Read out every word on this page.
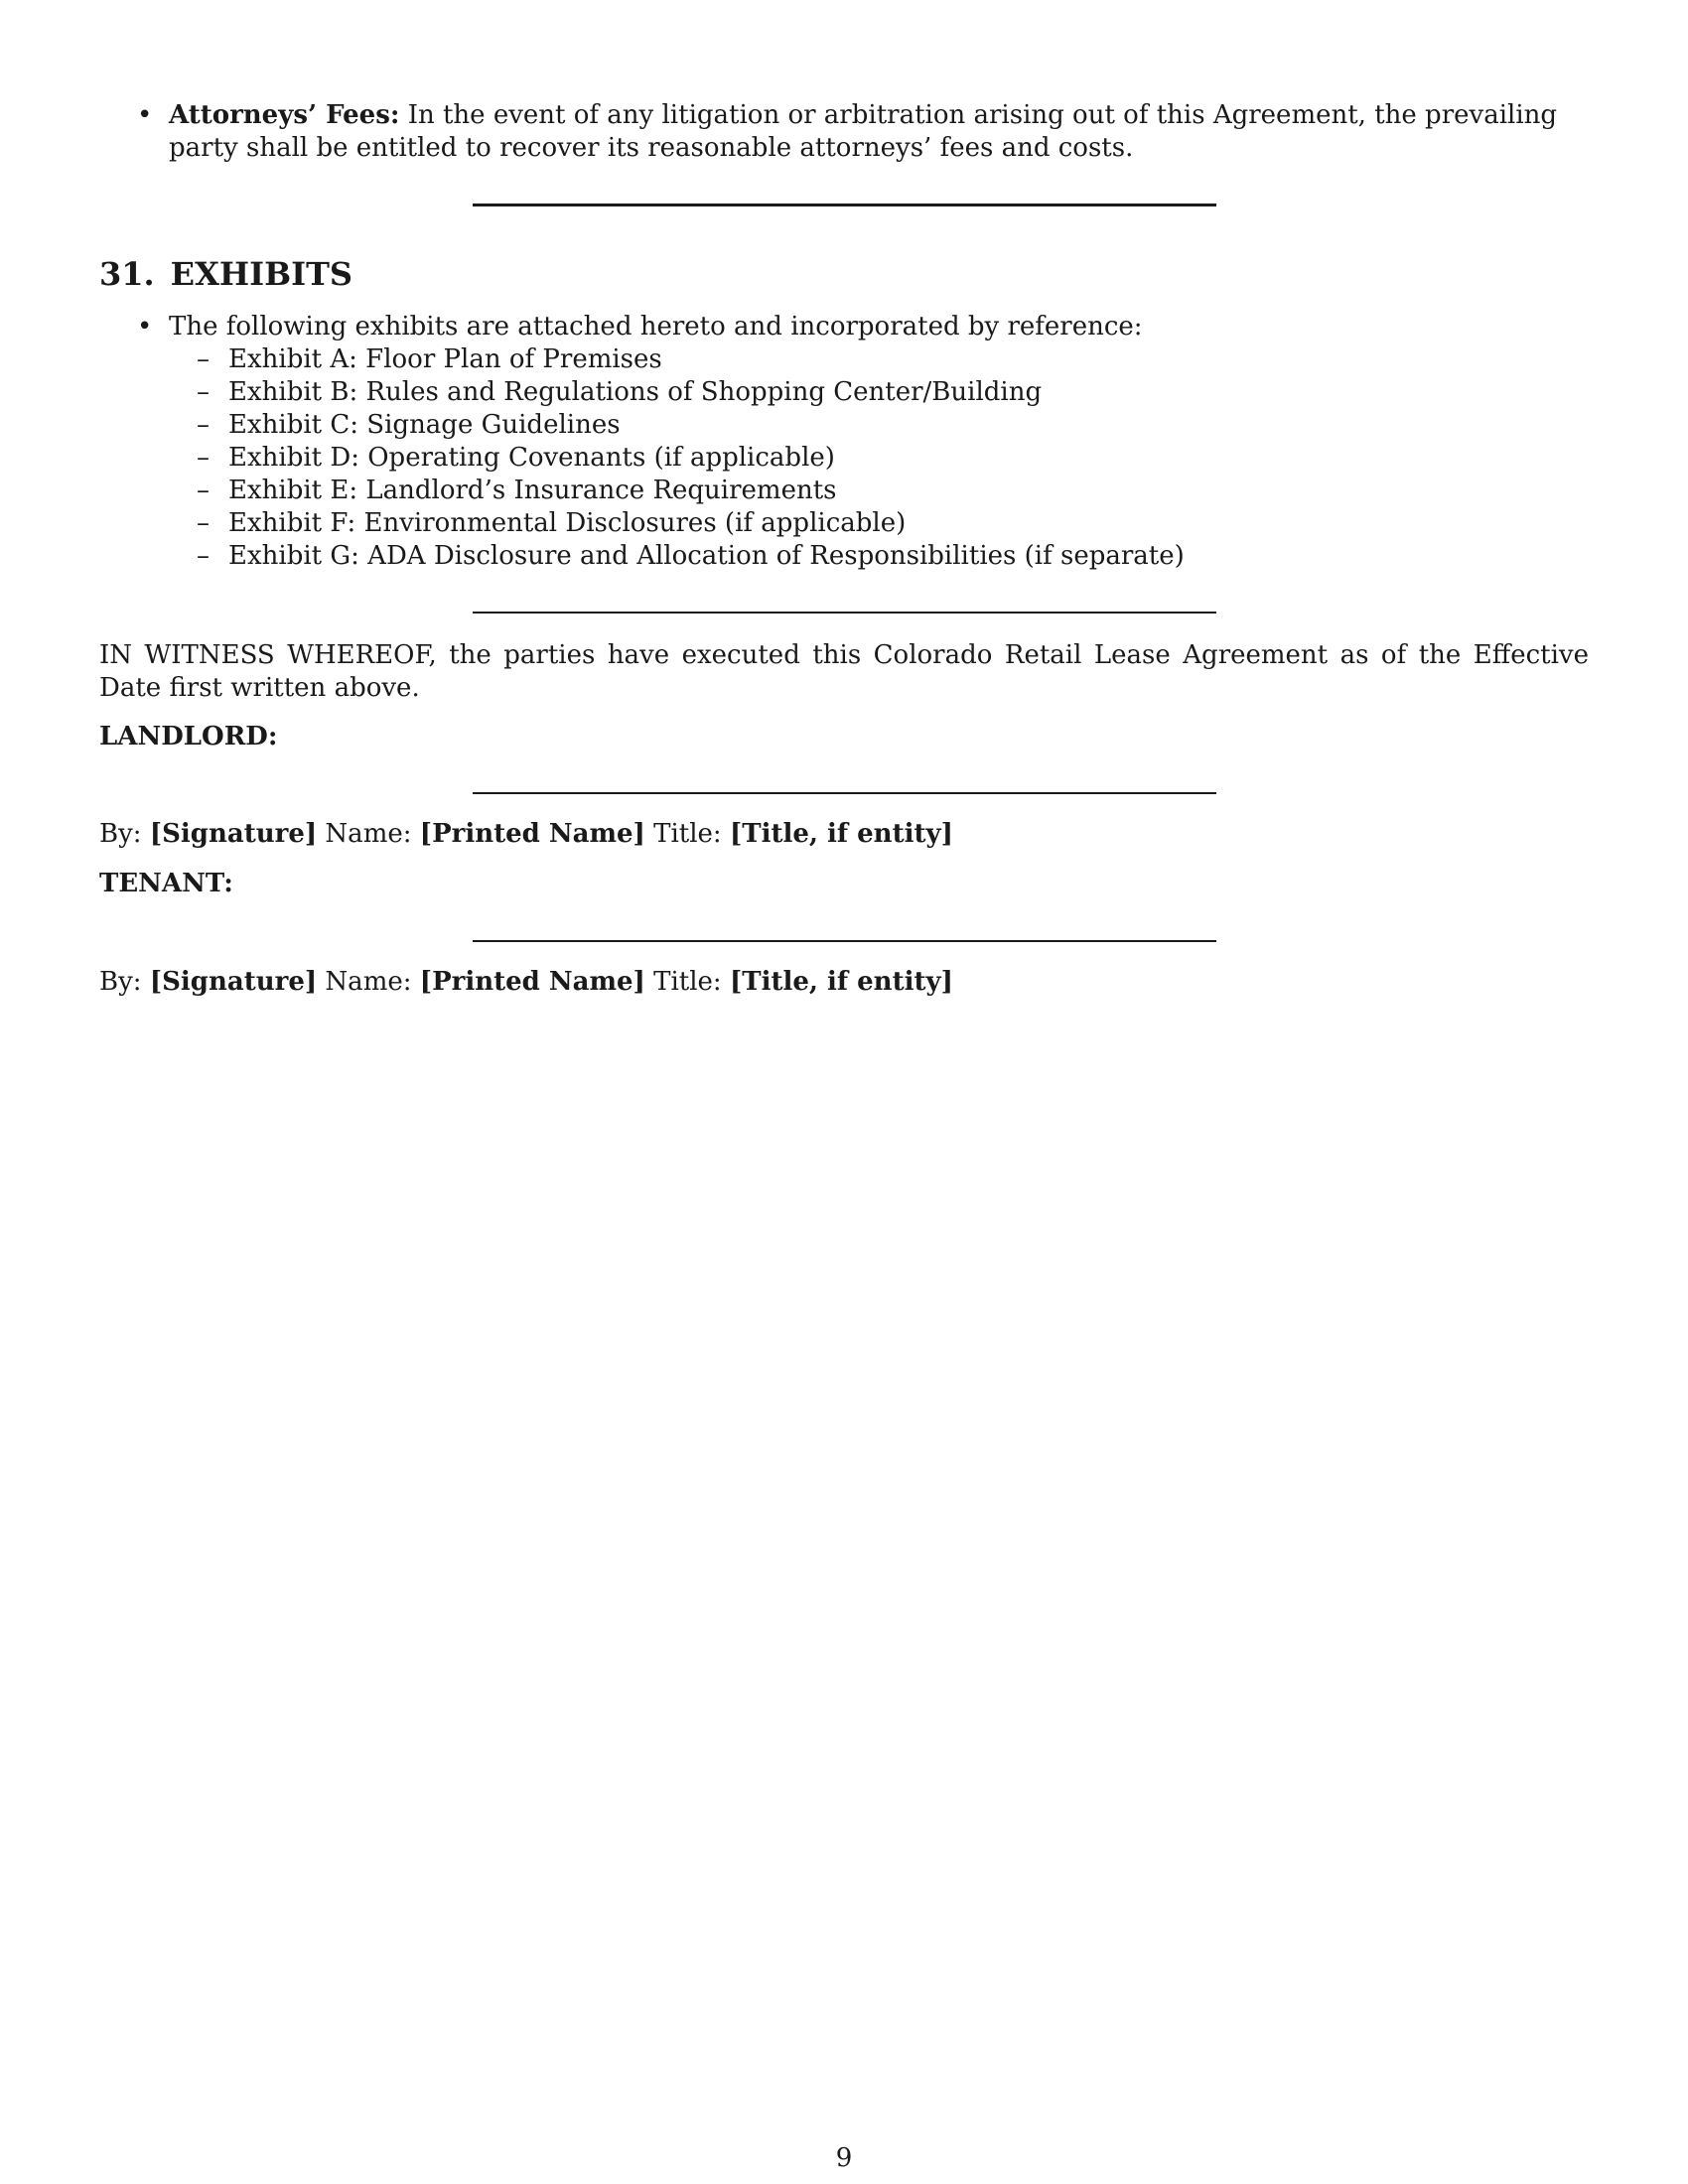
• Attorneys’ Fees: In the event of any litigation or arbitration arising out of this Agreement, the prevailing party shall be entitled to recover its reasonable attorneys’ fees and costs.
31. EXHIBITS
• The following exhibits are attached hereto and incorporated by reference:
– Exhibit A: Floor Plan of Premises
– Exhibit B: Rules and Regulations of Shopping Center/Building
– Exhibit C: Signage Guidelines
– Exhibit D: Operating Covenants (if applicable)
– Exhibit E: Landlord’s Insurance Requirements
– Exhibit F: Environmental Disclosures (if applicable)
– Exhibit G: ADA Disclosure and Allocation of Responsibilities (if separate)

IN WITNESS WHEREOF, the parties have executed this Colorado Retail Lease Agreement as of the Effective Date first written above.

LANDLORD:

By: [Signature] Name: [Printed Name] Title: [Title, if entity]

TENANT:

By: [Signature] Name: [Printed Name] Title: [Title, if entity]

9
